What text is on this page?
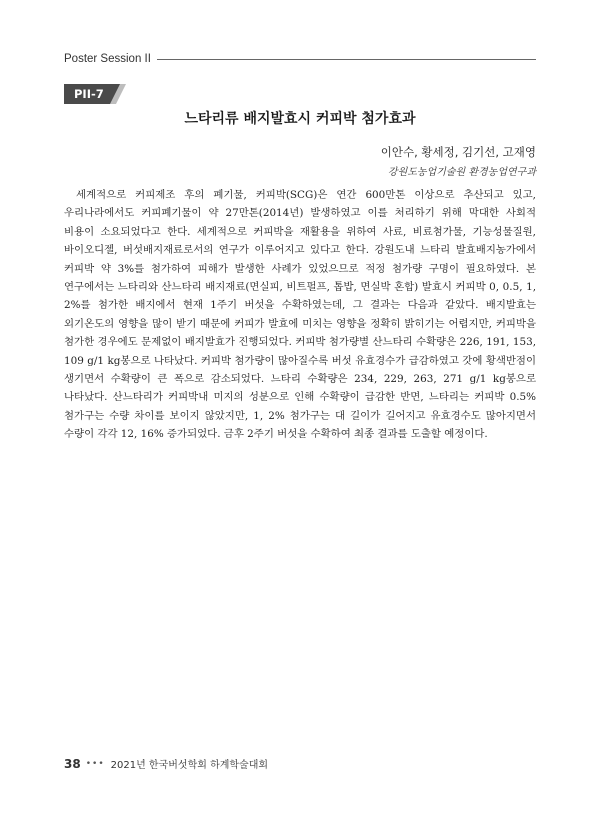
Poster Session II
PII-7
느타리류 배지발효시 커피박 첨가효과
이안수, 황세정, 김기선, 고재영
강원도농업기술원 환경농업연구과

세계적으로 커피제조 후의 폐기물, 커피박(SCG)은 연간 600만톤 이상으로 추산되고 있고, 우리나라에서도 커피폐기물이 약 27만톤(2014년) 발생하였고 이를 처리하기 위해 막대한 사회적 비용이 소요되었다고 한다. 세계적으로 커피박을 재활용을 위하여 사료, 비료첨가물, 기능성물질원, 바이오디젤, 버섯배지재료로서의 연구가 이루어지고 있다고 한다. 강원도내 느타리 발효배지농가에서 커피박 약 3%를 첨가하여 피해가 발생한 사례가 있었으므로 적정 첨가량 구명이 필요하였다. 본 연구에서는 느타리와 산느타리 배지재료(면실피, 비트펄프, 톱밥, 면실박 혼합) 발효시 커피박 0, 0.5, 1, 2%를 첨가한 배지에서 현재 1주기 버섯을 수확하였는데, 그 결과는 다음과 같았다. 배지발효는 외기온도의 영향을 많이 받기 때문에 커피가 발효에 미치는 영향을 정확히 밝히기는 어렵지만, 커피박을 첨가한 경우에도 문제없이 배지발효가 진행되었다. 커피박 첨가량별 산느타리 수확량은 226, 191, 153, 109 g/1 kg봉으로 나타났다. 커피박 첨가량이 많아질수록 버섯 유효경수가 급감하였고 갓에 황색반점이 생기면서 수확량이 큰 폭으로 감소되었다. 느타리 수확량은 234, 229, 263, 271 g/1 kg봉으로 나타났다. 산느타리가 커피박내 미지의 성분으로 인해 수확량이 급감한 반면, 느타리는 커피박 0.5% 첨가구는 수량 차이를 보이지 않았지만, 1, 2% 첨가구는 대 길이가 길어지고 유효경수도 많아지면서 수량이 각각 12, 16% 증가되었다. 금후 2주기 버섯을 수확하여 최종 결과를 도출할 예정이다.

38 ••• 2021년 한국버섯학회 하계학술대회
